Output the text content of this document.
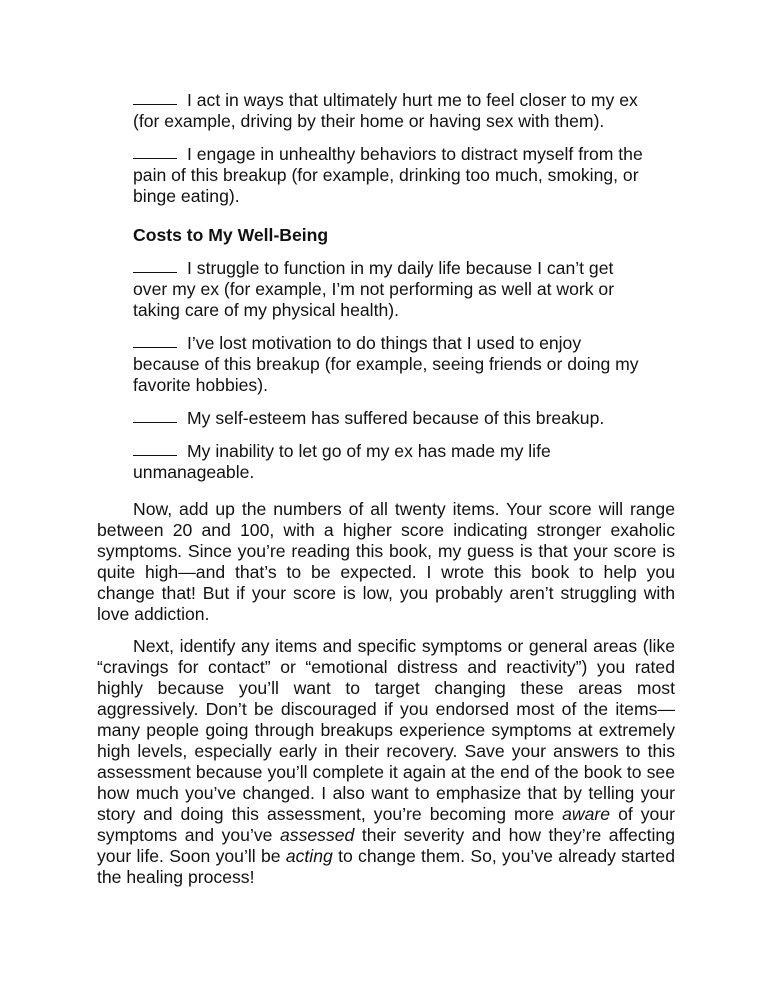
I act in ways that ultimately hurt me to feel closer to my ex (for example, driving by their home or having sex with them).

I engage in unhealthy behaviors to distract myself from the pain of this breakup (for example, drinking too much, smoking, or binge eating).

Costs to My Well-Being

I struggle to function in my daily life because I can’t get over my ex (for example, I’m not performing as well at work or taking care of my physical health).

I’ve lost motivation to do things that I used to enjoy because of this breakup (for example, seeing friends or doing my favorite hobbies).

My self-esteem has suffered because of this breakup.

My inability to let go of my ex has made my life unmanageable.

Now, add up the numbers of all twenty items. Your score will range between 20 and 100, with a higher score indicating stronger exaholic symptoms. Since you’re reading this book, my guess is that your score is quite high—and that’s to be expected. I wrote this book to help you change that! But if your score is low, you probably aren’t struggling with love addiction.

Next, identify any items and specific symptoms or general areas (like “cravings for contact” or “emotional distress and reactivity”) you rated highly because you’ll want to target changing these areas most aggressively. Don’t be discouraged if you endorsed most of the items—many people going through breakups experience symptoms at extremely high levels, especially early in their recovery. Save your answers to this assessment because you’ll complete it again at the end of the book to see how much you’ve changed. I also want to emphasize that by telling your story and doing this assessment, you’re becoming more aware of your symptoms and you’ve assessed their severity and how they’re affecting your life. Soon you’ll be acting to change them. So, you’ve already started the healing process!
